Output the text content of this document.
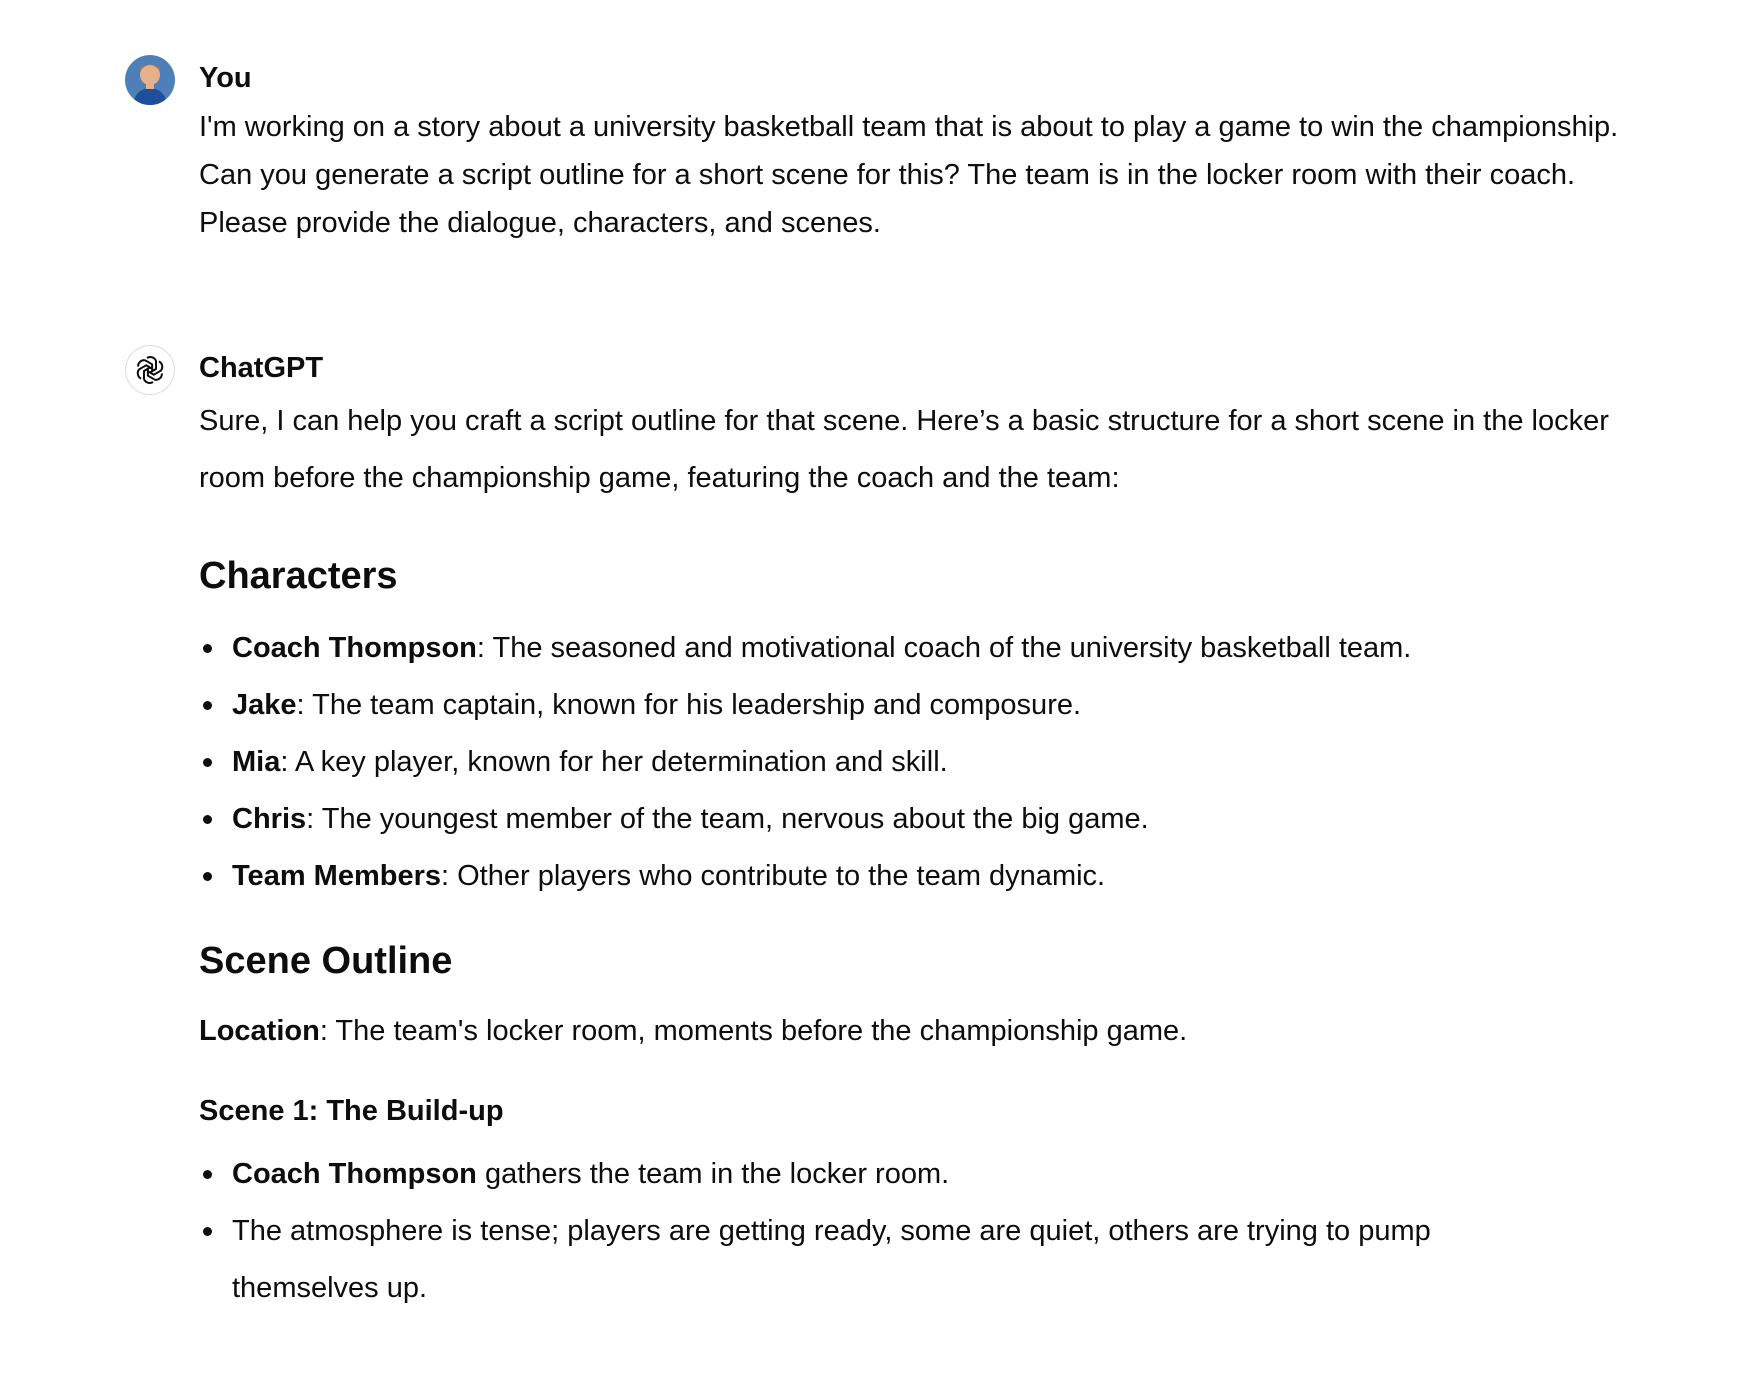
You

I'm working on a story about a university basketball team that is about to play a game to win the championship. Can you generate a script outline for a short scene for this? The team is in the locker room with their coach. Please provide the dialogue, characters, and scenes.

ChatGPT

Sure, I can help you craft a script outline for that scene. Here’s a basic structure for a short scene in the locker room before the championship game, featuring the coach and the team:

Characters
Coach Thompson: The seasoned and motivational coach of the university basketball team.
Jake: The team captain, known for his leadership and composure.
Mia: A key player, known for her determination and skill.
Chris: The youngest member of the team, nervous about the big game.
Team Members: Other players who contribute to the team dynamic.
Scene Outline

Location: The team's locker room, moments before the championship game.

Scene 1: The Build-up
Coach Thompson gathers the team in the locker room.
The atmosphere is tense; players are getting ready, some are quiet, others are trying to pump themselves up.
